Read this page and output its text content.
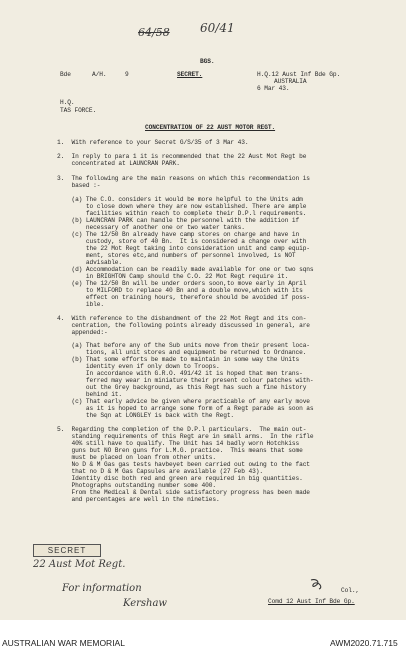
64/58	60/41
BGS.
Bde	A/H.	9	SECRET.	H.Q.12 Aust Inf Bde Gp.
AUSTRALIA
6 Mar 43.
H.Q.
TAS FORCE.
CONCENTRATION OF 22 AUST MOTOR REGT.
1.  With reference to your Secret G/S/35 of 3 Mar 43.
2.  In reply to para 1 it is recommended that the 22 Aust Mot Regt be
concentrated at LAUNCRAN PARK.
3.  The following are the main reasons on which this recommendation is
based :-
(a) The C.O. considers it would be more helpful to the Units adm
to close down where they are now established. There are ample
facilities within reach to complete their D.P.l requirements.
(b) LAUNCRAN PARK can handle the personnel with the addition if
necessary of another one or two water tanks.
(c) The 12/50 Bn already have camp stores on charge and have in
custody, store of 40 Bn.  It is considered a change over with
the 22 Mot Regt taking into consideration unit and camp equip-
ment, stores etc,and numbers of personnel involved, is NOT
advisable.
(d) Accommodation can be readily made available for one or two sqns
in BRIGHTON Camp should the C.O. 22 Mot Regt require it.
(e) The 12/50 Bn will be under orders soon,to move early in April
to MILFORD to replace 40 Bn and a double move,which with its
effect on training hours, therefore should be avoided if poss-
ible.
4.  With reference to the disbandment of the 22 Mot Regt and its con-
centration, the following points already discussed in general, are
appended:-
(a) That before any of the Sub units move from their present loca-
tions, all unit stores and equipment be returned to Ordnance.
(b) That some efforts be made to maintain in some way the Units
identity even if only down to Troops.
In accordance with G.R.O. 491/42 it is hoped that men trans-
ferred may wear in miniature their present colour patches with-
out the Grey background, as this Regt has such a fine history
behind it.
(c) That early advice be given where practicable of any early move
as it is hoped to arrange some form of a Regt parade as soon as
the Sqn at LONGLEY is back with the Regt.
5.  Regarding the completion of the D.P.l particulars.  The main out-
standing requirements of this Regt are in small arms.  In the rifle
40% still have to qualify. The Unit has 14 badly worn Hotchkiss
guns but NO Bren guns for L.M.G. practice.  This means that some
must be placed on loan from other units.
No D & M Gas gas tests havbeyet been carried out owing to the fact
that no D & M Gas Capsules are available (27 Feb 43).
Identity disc both red and green are required in big quantities.
Photographs outstanding number some 400.
From the Medical & Dental side satisfactory progress has been made
and percentages are well in the nineties.
SECRET
22 Aust Mot Regt.
For information
Kershaw
Col.,
Comd 12 Aust Inf Bde Gp.
AUSTRALIAN WAR MEMORIAL	AWM2020.71.715
